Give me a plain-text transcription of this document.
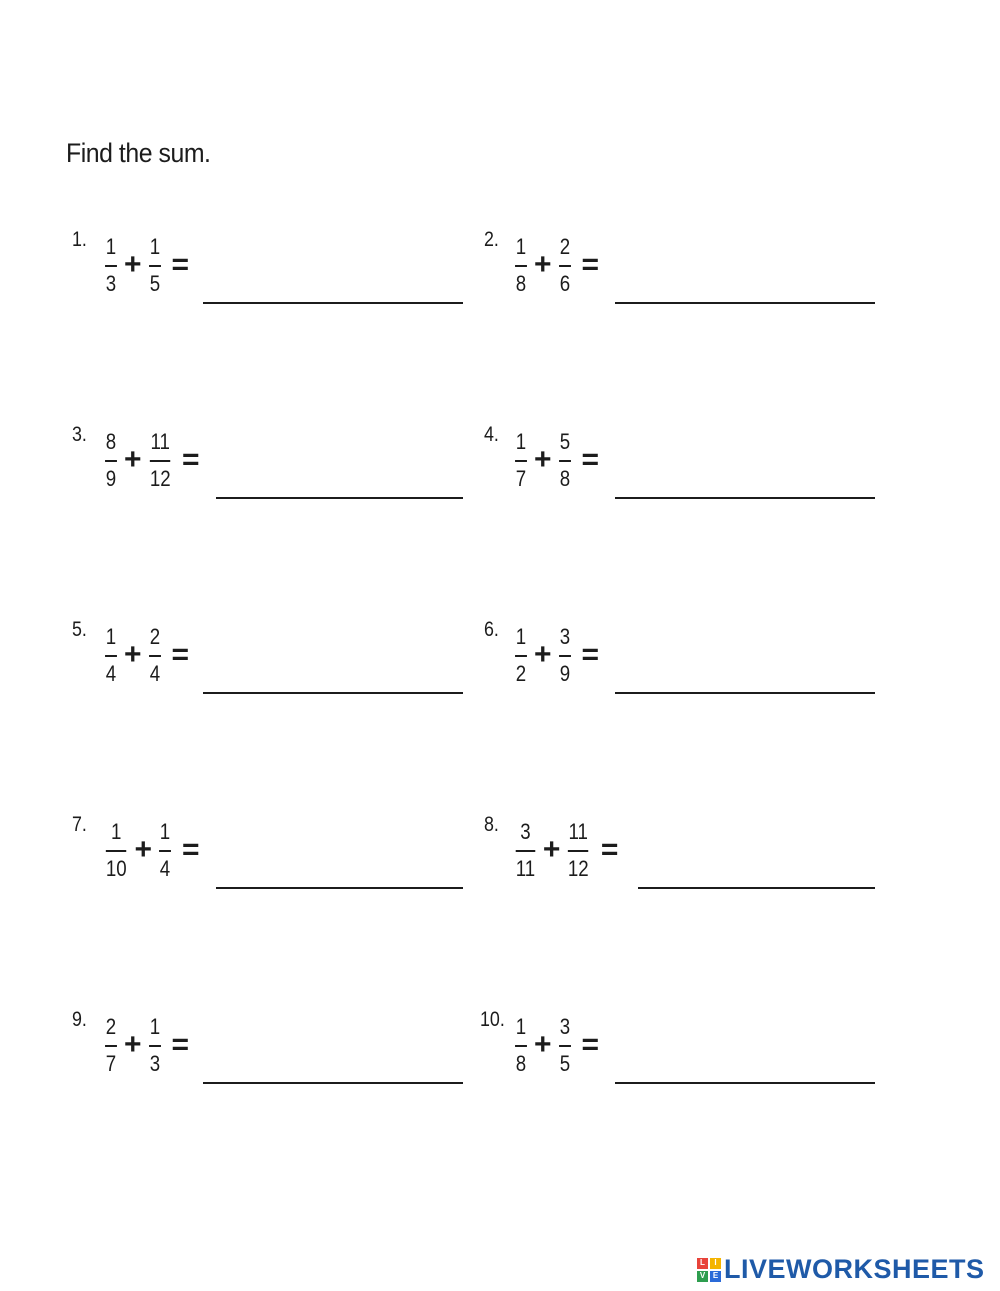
Find the sum.
1. $\frac{1}{3} + \frac{1}{5}$ =
2. $\frac{1}{8} + \frac{2}{6}$ =
3. $\frac{8}{9} + \frac{11}{12}$ =
4. $\frac{1}{7} + \frac{5}{8}$ =
5. $\frac{1}{4} + \frac{2}{4}$ =
6. $\frac{1}{2} + \frac{3}{9}$ =
7. $\frac{1}{10} + \frac{1}{4}$ =
8. $\frac{3}{11} + \frac{11}{12}$ =
9. $\frac{2}{7} + \frac{1}{3}$ =
10. $\frac{1}{8} + \frac{3}{5}$ =
L	I
V E LIVEWORKSHEETS
